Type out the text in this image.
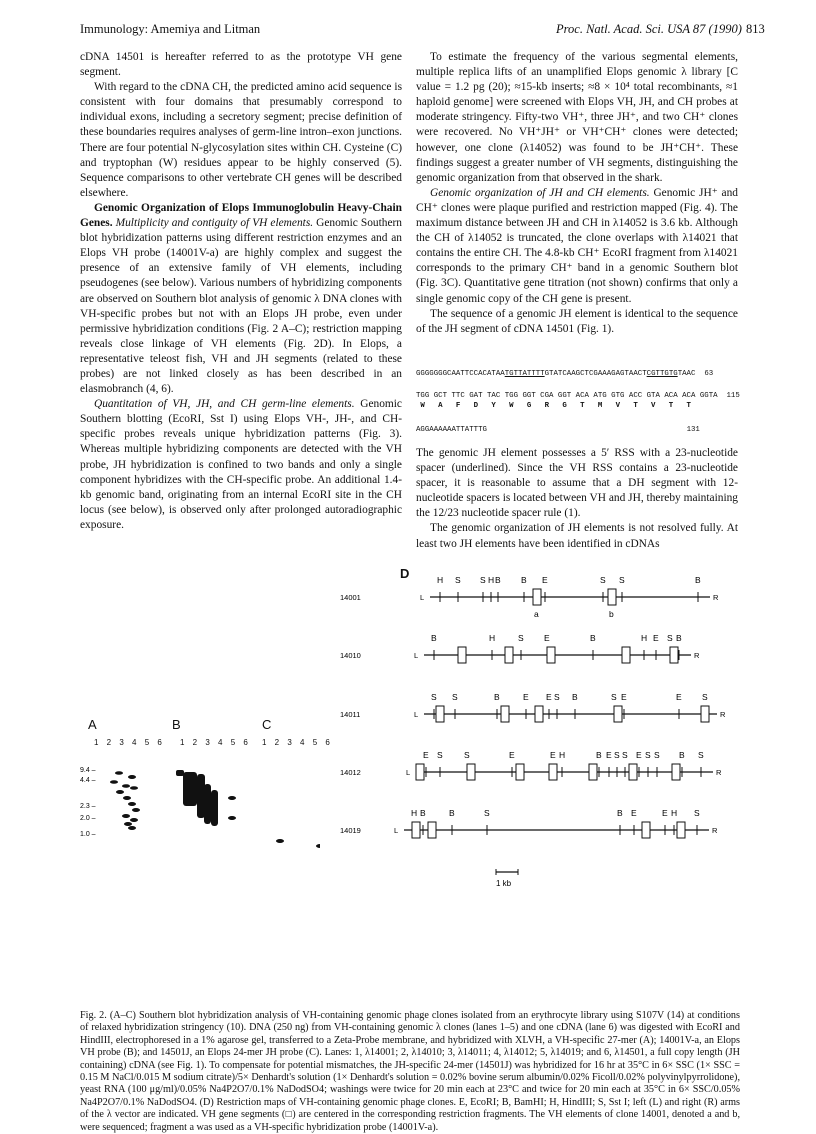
Immunology: Amemiya and Litman	Proc. Natl. Acad. Sci. USA 87 (1990) 813

cDNA 14501 is hereafter referred to as the prototype VH gene segment.

With regard to the cDNA CH, the predicted amino acid sequence is consistent with four domains that presumably correspond to individual exons, including a secretory segment; precise definition of these boundaries requires analyses of germ-line intron–exon junctions. There are four potential N-glycosylation sites within CH. Cysteine (C) and tryptophan (W) residues appear to be highly conserved (5). Sequence comparisons to other vertebrate CH genes will be described elsewhere.

Genomic Organization of Elops Immunoglobulin Heavy-Chain Genes. Multiplicity and contiguity of VH elements. Genomic Southern blot hybridization patterns using different restriction enzymes and an Elops VH probe (14001V-a) are highly complex and suggest the presence of an extensive family of VH elements, including pseudogenes (see below). Various numbers of hybridizing components are observed on Southern blot analysis of genomic λ DNA clones with VH-specific probes but not with an Elops JH probe, even under permissive hybridization conditions (Fig. 2 A–C); restriction mapping reveals close linkage of VH elements (Fig. 2D). In Elops, a representative teleost fish, VH and JH segments (related to these probes) are not linked closely as has been described in an elasmobranch (4, 6).

Quantitation of VH, JH, and CH germ-line elements. Genomic Southern blotting (EcoRI, Sst I) using Elops VH-, JH-, and CH-specific probes reveals unique hybridization patterns (Fig. 3). Whereas multiple hybridizing components are detected with the VH probe, JH hybridization is confined to two bands and only a single component hybridizes with the CH-specific probe. An additional 1.4-kb genomic band, originating from an internal EcoRI site in the CH locus (see below), is observed only after prolonged autoradiographic exposure.

To estimate the frequency of the various segmental elements, multiple replica lifts of an unamplified Elops genomic λ library [C value = 1.2 pg (20); ≈15-kb inserts; ≈8 × 10⁴ total recombinants, ≈1 haploid genome] were screened with Elops VH, JH, and CH probes at moderate stringency. Fifty-two VH⁺, three JH⁺, and two CH⁺ clones were recovered. No VH⁺JH⁺ or VH⁺CH⁺ clones were detected; however, one clone (λ14052) was found to be JH⁺CH⁺. These findings suggest a greater number of VH segments, distinguishing the genomic organization from that observed in the shark.

Genomic organization of JH and CH elements. Genomic JH⁺ and CH⁺ clones were plaque purified and restriction mapped (Fig. 4). The maximum distance between JH and CH in λ14052 is 3.6 kb. Although the CH of λ14052 is truncated, the clone overlaps with λ14021 that contains the entire CH. The 4.8-kb CH⁺ EcoRI fragment from λ14021 corresponds to the primary CH⁺ band in a genomic Southern blot (Fig. 3C). Quantitative gene titration (not shown) confirms that only a single genomic copy of the CH gene is present.

The sequence of a genomic JH element is identical to the sequence of the JH segment of cDNA 14501 (Fig. 1).

GGGGGGGCAATTCCACATAATGTTATTTTGTATCAAGCTCGAAAGAGTAACTCGTTGTGTAAC 63
TGG GCT TTC GAT TAC TGG GGT CGA GGT ACA ATG GTG ACC GTA ACA ACA GGTA 115
W   A   F   D   Y   W   G   R   G   T   M   V   T   V   T   T
AGGAAAAAATTATTTG	131

The genomic JH element possesses a 5′ RSS with a 23-nucleotide spacer (underlined). Since the VH RSS contains a 23-nucleotide spacer, it is reasonable to assume that a DH segment with 12-nucleotide spacers is located between VH and JH, thereby maintaining the 12/23 nucleotide spacer rule (1).

The genomic organization of JH elements is not resolved fully. At least two JH elements have been identified in cDNAs

A	B	C
1 2 3 4 5 6 1 2 3 4 5 6 1 2 3 4 5 6
9.4 –
4.4 –
2.3 –
2.0 –
1.0 –
D
14001	L	R
H S S H B B E	S S	B
a	b
14010	L	R
B	H	S E	B	H E S B
14011	L	R
S S	B	E E S B	S E	E S
14012	L	R
E S	S	E	E H	B E S S E S S B S
14019	L	R
H B	B	S	B E	E H S
1 kb
Fig. 2. (A–C) Southern blot hybridization analysis of VH-containing genomic phage clones isolated from an erythrocyte library using S107V (14) at conditions of relaxed hybridization stringency (10). DNA (250 ng) from VH-containing genomic λ clones (lanes 1–5) and one cDNA (lane 6) was digested with EcoRI and HindIII, electrophoresed in a 1% agarose gel, transferred to a Zeta-Probe membrane, and hybridized with XLVH, a VH-specific 27-mer (A); 14001V-a, an Elops VH probe (B); and 14501J, an Elops 24-mer JH probe (C). Lanes: 1, λ14001; 2, λ14010; 3, λ14011; 4, λ14012; 5, λ14019; and 6, λ14501, a full copy length (JH containing) cDNA (see Fig. 1). To compensate for potential mismatches, the JH-specific 24-mer (14501J) was hybridized for 16 hr at 35°C in 6× SSC (1× SSC = 0.15 M NaCl/0.015 M sodium citrate)/5× Denhardt's solution (1× Denhardt's solution = 0.02% bovine serum albumin/0.02% Ficoll/0.02% polyvinylpyrrolidone), yeast RNA (100 μg/ml)/0.05% Na4P2O7/0.1% NaDodSO4; washings were twice for 20 min each at 23°C and twice for 20 min each at 35°C in 6× SSC/0.05% Na4P2O7/0.1% NaDodSO4. (D) Restriction maps of VH-containing genomic phage clones. E, EcoRI; B, BamHI; H, HindIII; S, Sst I; left (L) and right (R) arms of the λ vector are indicated. VH gene segments (□) are centered in the corresponding restriction fragments. The VH elements of clone 14001, denoted a and b, were sequenced; fragment a was used as a VH-specific hybridization probe (14001V-a).
